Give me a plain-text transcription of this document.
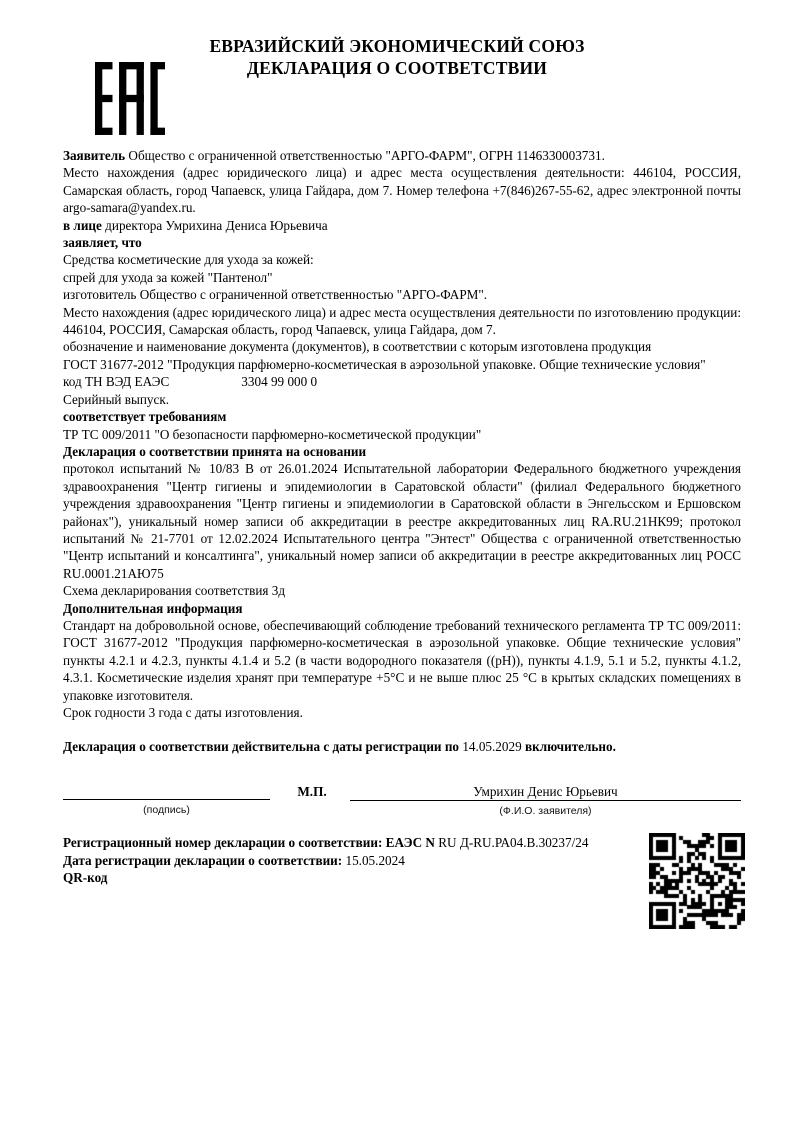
ЕВРАЗИЙСКИЙ ЭКОНОМИЧЕСКИЙ СОЮЗ
ДЕКЛАРАЦИЯ О СООТВЕТСТВИИ

Заявитель Общество с ограниченной ответственностью "АРГО-ФАРМ", ОГРН 1146330003731.

Место нахождения (адрес юридического лица) и адрес места осуществления деятельности: 446104, РОССИЯ, Самарская область, город Чапаевск, улица Гайдара, дом 7. Номер телефона +7(846)267-55-62, адрес электронной почты argo-samara@yandex.ru.

в лице директора Умрихина Дениса Юрьевича

заявляет, что

Средства косметические для ухода за кожей:

спрей для ухода за кожей "Пантенол"

изготовитель Общество с ограниченной ответственностью "АРГО-ФАРМ".

Место нахождения (адрес юридического лица) и адрес места осуществления деятельности по изготовлению продукции: 446104, РОССИЯ, Самарская область, город Чапаевск, улица Гайдара, дом 7.

обозначение и наименование документа (документов), в соответствии с которым изготовлена продукция

ГОСТ 31677-2012 "Продукция парфюмерно-косметическая в аэрозольной упаковке. Общие технические условия"

код ТН ВЭД ЕАЭС	3304 99 000 0

Серийный выпуск.

соответствует требованиям

ТР ТС 009/2011 "О безопасности парфюмерно-косметической продукции"

Декларация о соответствии принята на основании

протокол испытаний № 10/83 В от 26.01.2024 Испытательной лаборатории Федерального бюджетного учреждения здравоохранения "Центр гигиены и эпидемиологии в Саратовской области" (филиал Федерального бюджетного учреждения здравоохранения "Центр гигиены и эпидемиологии в Саратовской области в Энгельсском и Ершовском районах"), уникальный номер записи об аккредитации в реестре аккредитованных лиц RA.RU.21НК99; протокол испытаний № 21-7701 от 12.02.2024 Испытательного центра "Энтест" Общества с ограниченной ответственностью "Центр испытаний и консалтинга", уникальный номер записи об аккредитации в реестре аккредитованных лиц РОСС RU.0001.21АЮ75

Схема декларирования соответствия 3д

Дополнительная информация

Стандарт на добровольной основе, обеспечивающий соблюдение требований технического регламента ТР ТС 009/2011: ГОСТ 31677-2012 "Продукция парфюмерно-косметическая в аэрозольной упаковке. Общие технические условия" пункты 4.2.1 и 4.2.3, пункты 4.1.4 и 5.2 (в части водородного показателя ((рН)), пункты 4.1.9, 5.1 и 5.2, пункты 4.1.2, 4.3.1. Косметические изделия хранят при температуре +5°С и не выше плюс 25 °С в крытых складских помещениях в упаковке изготовителя.

Срок годности 3 года с даты изготовления.

Декларация о соответствии действительна с даты регистрации по 14.05.2029 включительно.

(подпись)
М.П.	Умрихин Денис Юрьевич
(Ф.И.О. заявителя)

Регистрационный номер декларации о соответствии: ЕАЭС N RU Д-RU.РА04.В.30237/24

Дата регистрации декларации о соответствии: 15.05.2024

QR-код
